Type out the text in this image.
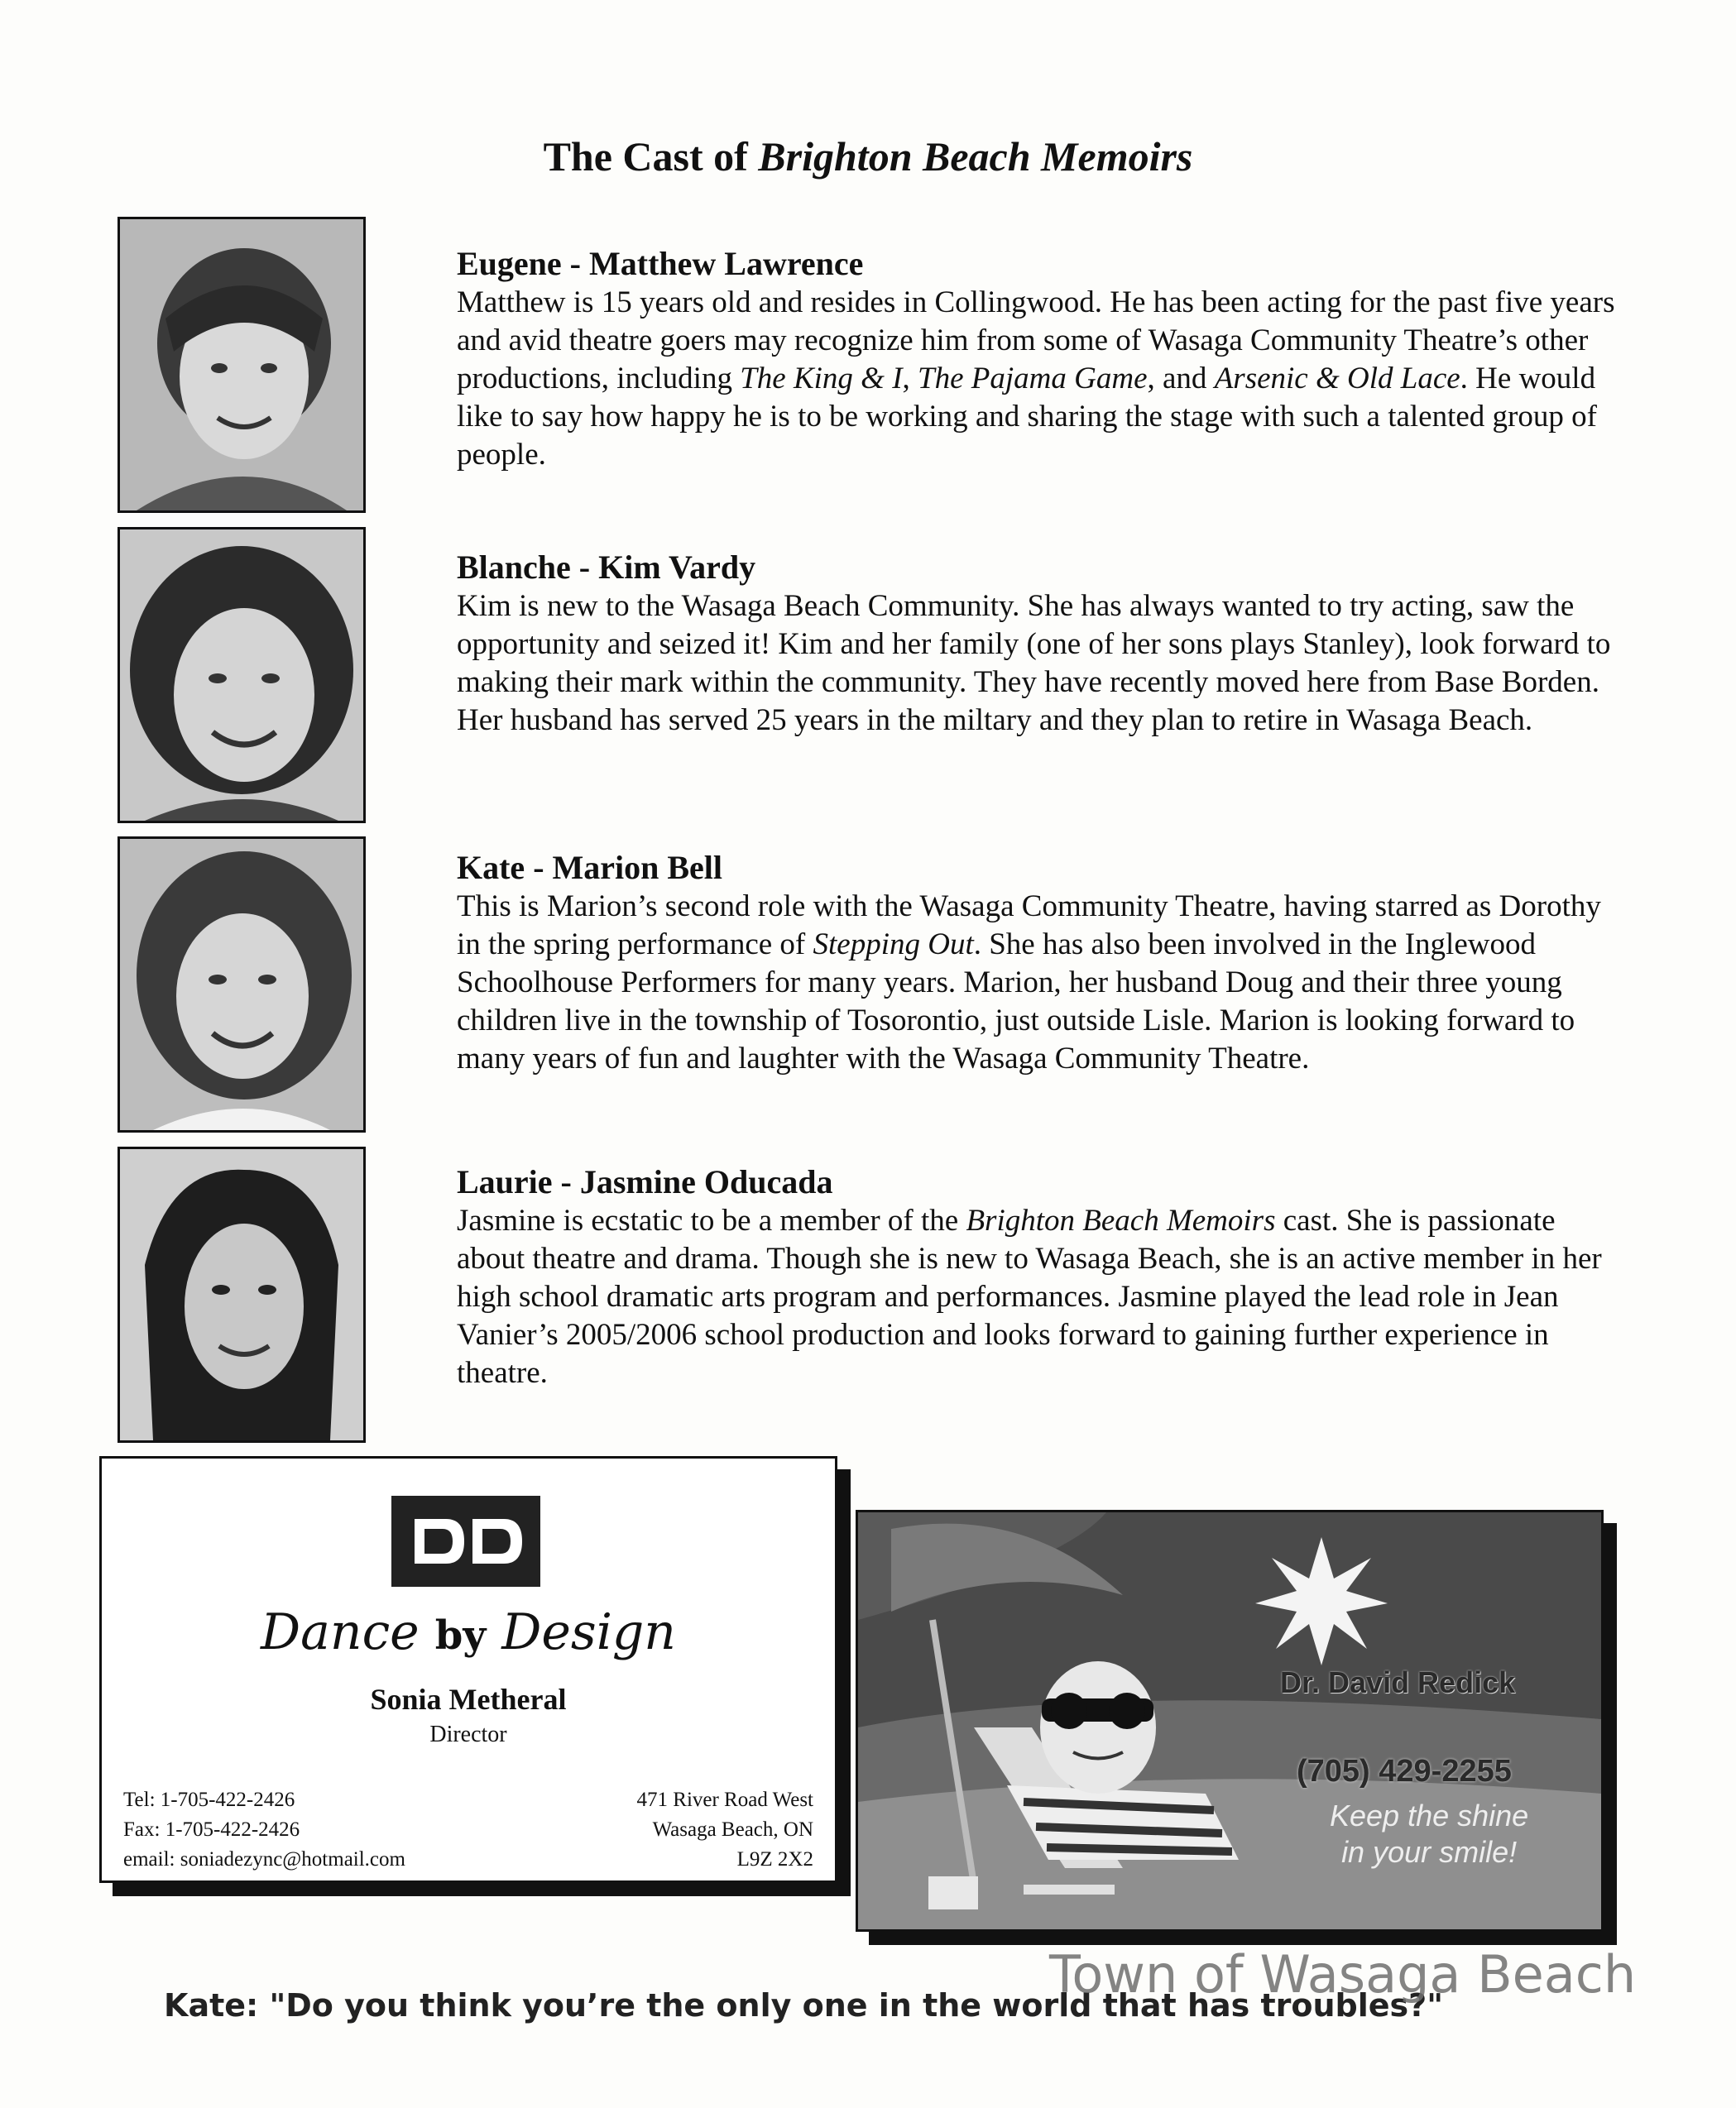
The Cast of Brighton Beach Memoirs
Eugene - Matthew Lawrence

Matthew is 15 years old and resides in Collingwood. He has been acting for the past five years and avid theatre goers may recognize him from some of Wasaga Community Theatre’s other productions, including The King & I, The Pajama Game, and Arsenic & Old Lace. He would like to say how happy he is to be working and sharing the stage with such a talented group of people.

Blanche - Kim Vardy

Kim is new to the Wasaga Beach Community. She has always wanted to try acting, saw the opportunity and seized it! Kim and her family (one of her sons plays Stanley), look forward to making their mark within the community. They have recently moved here from Base Borden. Her husband has served 25 years in the miltary and they plan to retire in Wasaga Beach.

Kate - Marion Bell

This is Marion’s second role with the Wasaga Community Theatre, having starred as Dorothy in the spring performance of Stepping Out. She has also been involved in the Inglewood Schoolhouse Performers for many years. Marion, her husband Doug and their three young children live in the township of Tosorontio, just outside Lisle. Marion is looking forward to many years of fun and laughter with the Wasaga Community Theatre.

Laurie - Jasmine Oducada

Jasmine is ecstatic to be a member of the Brighton Beach Memoirs cast. She is passionate about theatre and drama. Though she is new to Wasaga Beach, she is an active member in her high school dramatic arts program and performances. Jasmine played the lead role in Jean Vanier’s 2005/2006 school production and looks forward to gaining further experience in theatre.

Dance by Design
Sonia Metheral
Director
Tel: 1-705-422-2426
Fax: 1-705-422-2426
email: soniadezync@hotmail.com
471 River Road West
Wasaga Beach, ON
L9Z 2X2
Dr. David Redick
(705) 429-2255
Keep the shine
in your smile!
Kate: "Do you think you’re the only one in the world that has troubles?"
Town of Wasaga Beach
